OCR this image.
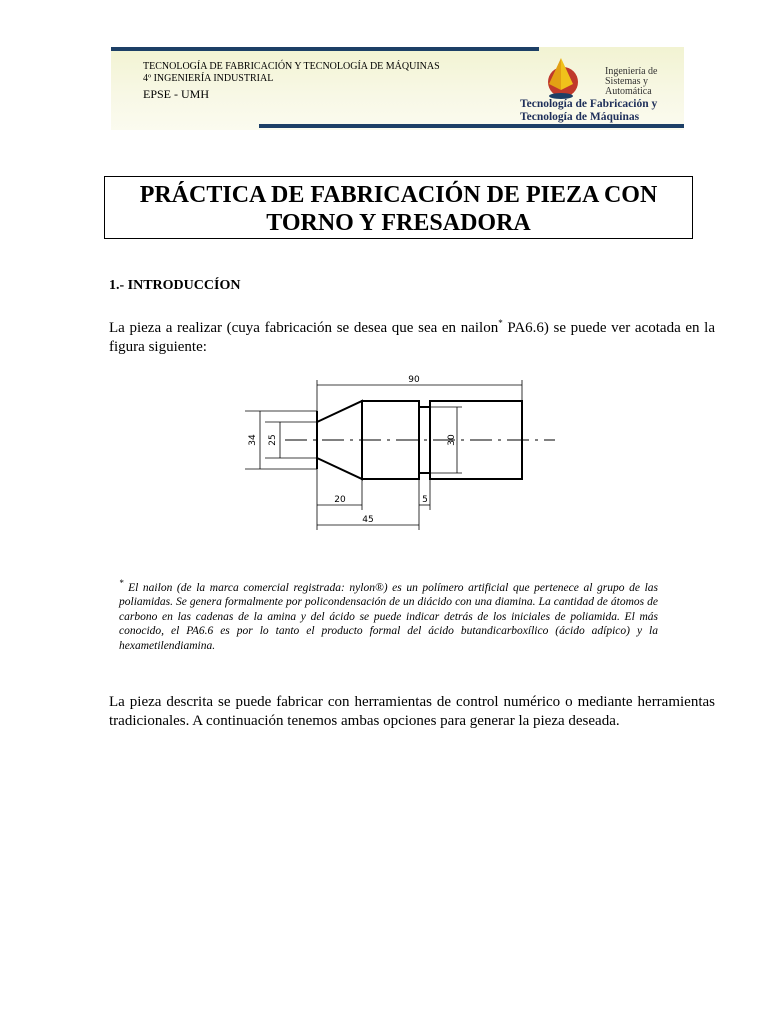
TECNOLOGÍA DE FABRICACIÓN Y TECNOLOGÍA DE MÁQUINAS
4º INGENIERÍA INDUSTRIAL
EPSE - UMH
Ingeniería de
Sistemas y
Automática
Tecnología de Fabricación y
Tecnología de Máquinas
PRÁCTICA DE FABRICACIÓN DE PIEZA CON
TORNO Y FRESADORA
1.- INTRODUCCÍON
La pieza a realizar (cuya fabricación se desea que sea en nailon* PA6.6) se puede ver acotada en la figura siguiente:
90
34 25	30
20	5
45
* El nailon (de la marca comercial registrada: nylon®) es un polímero artificial que pertenece al grupo de las poliamidas. Se genera formalmente por policondensación de un diácido con una diamina. La cantidad de átomos de carbono en las cadenas de la amina y del ácido se puede indicar detrás de los iniciales de poliamida. El más conocido, el PA6.6 es por lo tanto el producto formal del ácido butandicarboxílico (ácido adípico) y la hexametilendiamina.
La pieza descrita se puede fabricar con herramientas de control numérico o mediante herramientas tradicionales. A continuación tenemos ambas opciones para generar la pieza deseada.
